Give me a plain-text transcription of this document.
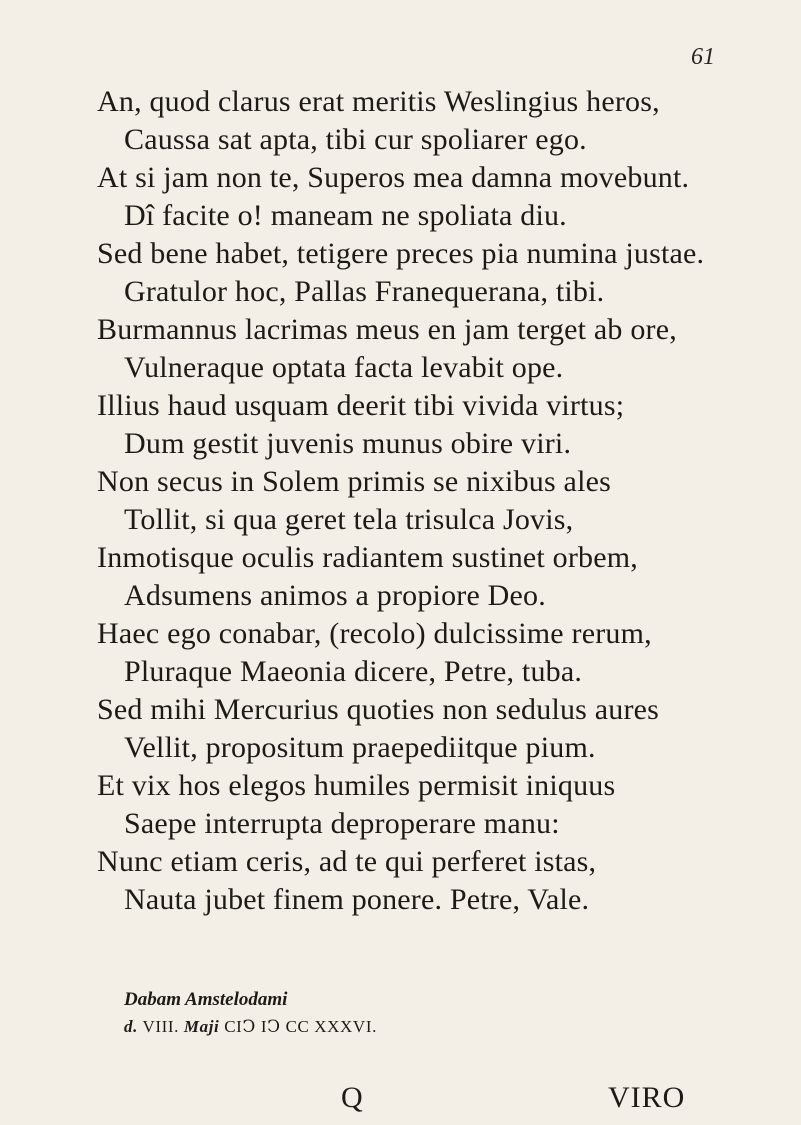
61
An, quod clarus erat meritis Weslingius heros,
Caussa sat apta, tibi cur spoliarer ego.
At si jam non te, Superos mea damna movebunt.
Dî facite o! maneam ne spoliata diu.
Sed bene habet, tetigere preces pia numina justae.
Gratulor hoc, Pallas Franequerana, tibi.
Burmannus lacrimas meus en jam terget ab ore,
Vulneraque optata facta levabit ope.
Illius haud usquam deerit tibi vivida virtus;
Dum gestit juvenis munus obire viri.
Non secus in Solem primis se nixibus ales
Tollit, si qua geret tela trisulca Jovis,
Inmotisque oculis radiantem sustinet orbem,
Adsumens animos a propiore Deo.
Haec ego conabar, (recolo) dulcissime rerum,
Pluraque Maeonia dicere, Petre, tuba.
Sed mihi Mercurius quoties non sedulus aures
Vellit, propositum praepediitque pium.
Et vix hos elegos humiles permisit iniquus
Saepe interrupta deproperare manu:
Nunc etiam ceris, ad te qui perferet istas,
Nauta jubet finem ponere. Petre, Vale.
Dabam Amstelodami
d. VIII. Maji CIↃ IↃ CC XXXVI.
Q	VIRO
